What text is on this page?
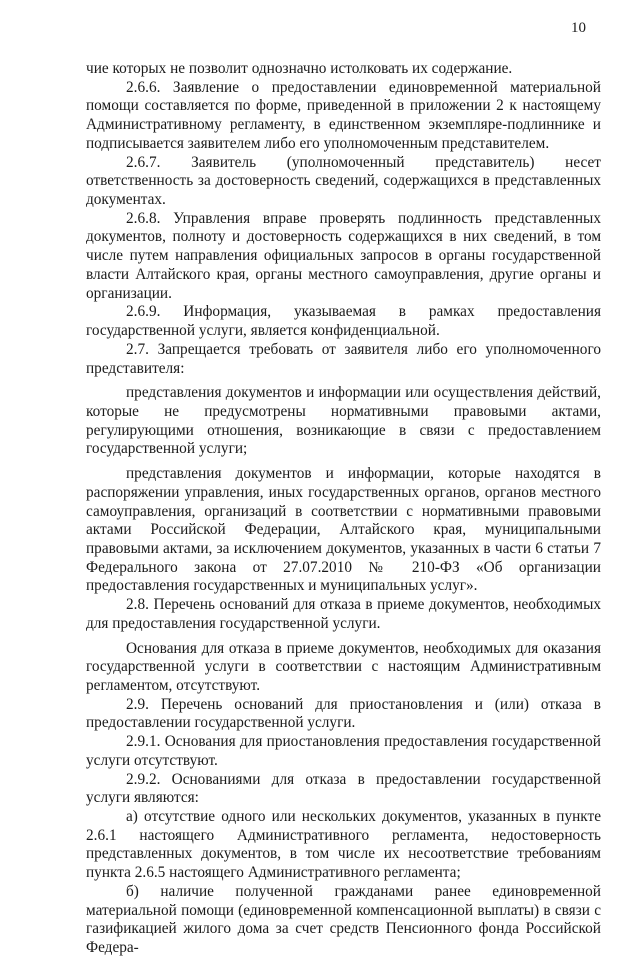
10

чие которых не позволит однозначно истолковать их содержание.

2.6.6. Заявление о предоставлении единовременной материальной помощи составляется по форме, приведенной в приложении 2 к настоящему Административному регламенту, в единственном экземпляре-подлиннике и подписывается заявителем либо его уполномоченным представителем.

2.6.7. Заявитель (уполномоченный представитель) несет ответственность за достоверность сведений, содержащихся в представленных документах.

2.6.8. Управления вправе проверять подлинность представленных документов, полноту и достоверность содержащихся в них сведений, в том числе путем направления официальных запросов в органы государственной власти Алтайского края, органы местного самоуправления, другие органы и организации.

2.6.9. Информация, указываемая в рамках предоставления государственной услуги, является конфиденциальной.

2.7. Запрещается требовать от заявителя либо его уполномоченного представителя:

представления документов и информации или осуществления действий, которые не предусмотрены нормативными правовыми актами, регулирующими отношения, возникающие в связи с предоставлением государственной услуги;

представления документов и информации, которые находятся в распоряжении управления, иных государственных органов, органов местного самоуправления, организаций в соответствии с нормативными правовыми актами Российской Федерации, Алтайского края, муниципальными правовыми актами, за исключением документов, указанных в части 6 статьи 7 Федерального закона от 27.07.2010 № 210-ФЗ «Об организации предоставления государственных и муниципальных услуг».

2.8. Перечень оснований для отказа в приеме документов, необходимых для предоставления государственной услуги.

Основания для отказа в приеме документов, необходимых для оказания государственной услуги в соответствии с настоящим Административным регламентом, отсутствуют.

2.9. Перечень оснований для приостановления и (или) отказа в предоставлении государственной услуги.

2.9.1. Основания для приостановления предоставления государственной услуги отсутствуют.

2.9.2. Основаниями для отказа в предоставлении государственной услуги являются:

а) отсутствие одного или нескольких документов, указанных в пункте 2.6.1 настоящего Административного регламента, недостоверность представленных документов, в том числе их несоответствие требованиям пункта 2.6.5 настоящего Административного регламента;

б) наличие полученной гражданами ранее единовременной материальной помощи (единовременной компенсационной выплаты) в связи с газификацией жилого дома за счет средств Пенсионного фонда Российской Федера-
